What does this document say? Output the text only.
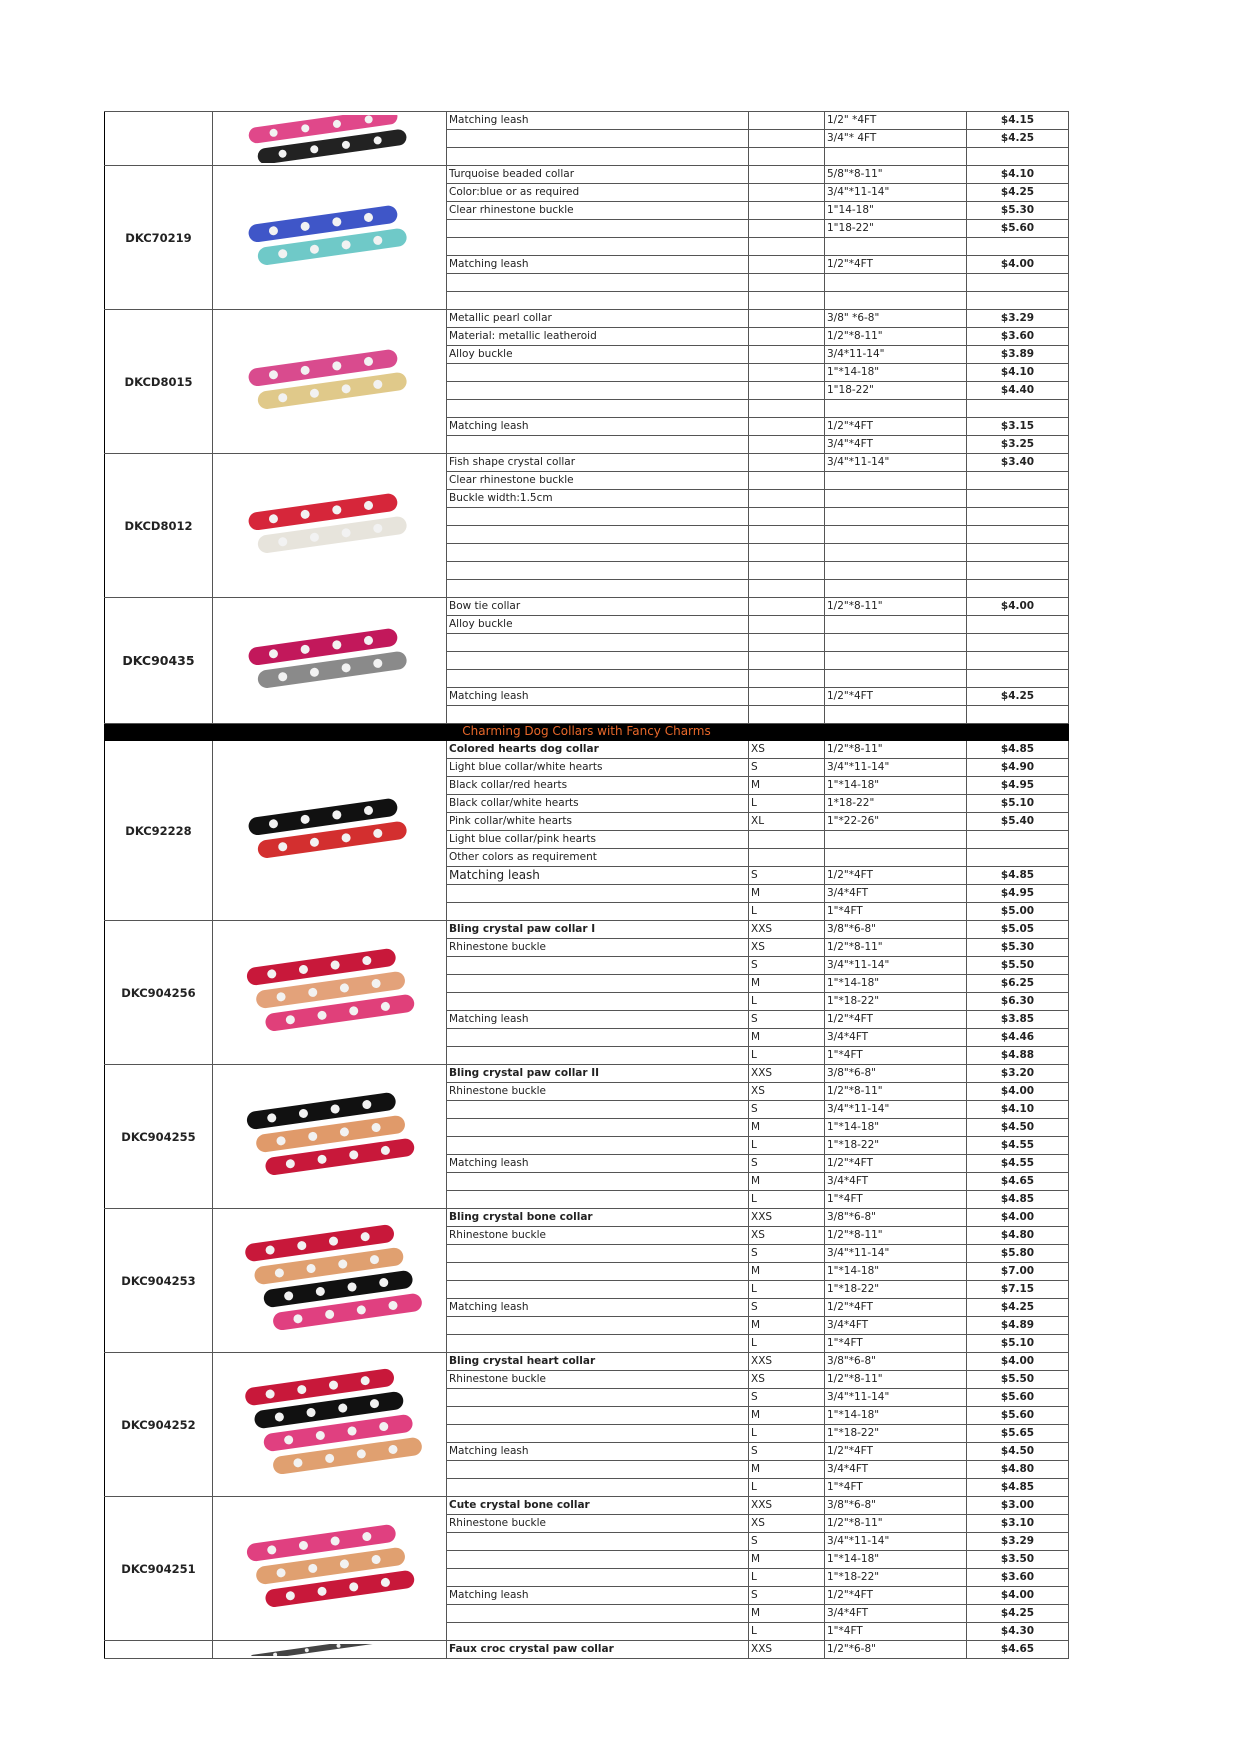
	Matching leash		1/2" *4FT	$4.15
				3/4"* 4FT	$4.25

DKC70219		Turquoise beaded collar		5/8"*8-11"	$4.10
		Color:blue or as required		3/4"*11-14"	$4.25
		Clear rhinestone buckle		1"14-18"	$5.30
				1"18-22"	$5.60

		Matching leash		1/2"*4FT	$4.00

DKCD8015		Metallic pearl collar		3/8" *6-8"	$3.29
		Material: metallic leatheroid		1/2"*8-11"	$3.60
		Alloy buckle		3/4*11-14"	$3.89
				1"*14-18"	$4.10
				1"18-22"	$4.40

		Matching leash		1/2"*4FT	$3.15
				3/4"*4FT	$3.25
DKCD8012		Fish shape crystal collar		3/4"*11-14"	$3.40
		Clear rhinestone buckle			
		Buckle width:1.5cm			

DKC90435		Bow tie collar		1/2"*8-11"	$4.00
		Alloy buckle			

		Matching leash		1/2"*4FT	$4.25

Charming Dog Collars with Fancy Charms					
DKC92228		Colored hearts dog collar	XS	1/2"*8-11"	$4.85
		Light blue collar/white hearts	S	3/4"*11-14"	$4.90
		Black collar/red hearts	M	1"*14-18"	$4.95
		Black collar/white hearts	L	1*18-22"	$5.10
		Pink collar/white hearts	XL	1"*22-26"	$5.40
		Light blue collar/pink hearts			
		Other colors as requirement			
		Matching leash	S	1/2"*4FT	$4.85
			M	3/4*4FT	$4.95
			L	1"*4FT	$5.00
DKC904256		Bling crystal paw collar I	XXS	3/8"*6-8"	$5.05
		Rhinestone buckle	XS	1/2"*8-11"	$5.30
			S	3/4"*11-14"	$5.50
			M	1"*14-18"	$6.25
			L	1"*18-22"	$6.30
		Matching leash	S	1/2"*4FT	$3.85
			M	3/4*4FT	$4.46
			L	1"*4FT	$4.88
DKC904255		Bling crystal paw collar II	XXS	3/8"*6-8"	$3.20
		Rhinestone buckle	XS	1/2"*8-11"	$4.00
			S	3/4"*11-14"	$4.10
			M	1"*14-18"	$4.50
			L	1"*18-22"	$4.55
		Matching leash	S	1/2"*4FT	$4.55
			M	3/4*4FT	$4.65
			L	1"*4FT	$4.85
DKC904253		Bling crystal bone collar	XXS	3/8"*6-8"	$4.00
		Rhinestone buckle	XS	1/2"*8-11"	$4.80
			S	3/4"*11-14"	$5.80
			M	1"*14-18"	$7.00
			L	1"*18-22"	$7.15
		Matching leash	S	1/2"*4FT	$4.25
			M	3/4*4FT	$4.89
			L	1"*4FT	$5.10
DKC904252		Bling crystal heart collar	XXS	3/8"*6-8"	$4.00
		Rhinestone buckle	XS	1/2"*8-11"	$5.50
			S	3/4"*11-14"	$5.60
			M	1"*14-18"	$5.60
			L	1"*18-22"	$5.65
		Matching leash	S	1/2"*4FT	$4.50
			M	3/4*4FT	$4.80
			L	1"*4FT	$4.85
DKC904251		Cute crystal bone collar	XXS	3/8"*6-8"	$3.00
		Rhinestone buckle	XS	1/2"*8-11"	$3.10
			S	3/4"*11-14"	$3.29
			M	1"*14-18"	$3.50
			L	1"*18-22"	$3.60
		Matching leash	S	1/2"*4FT	$4.00
			M	3/4*4FT	$4.25
			L	1"*4FT	$4.30

	Faux croc crystal paw collar	XXS	1/2"*6-8"	$4.65
